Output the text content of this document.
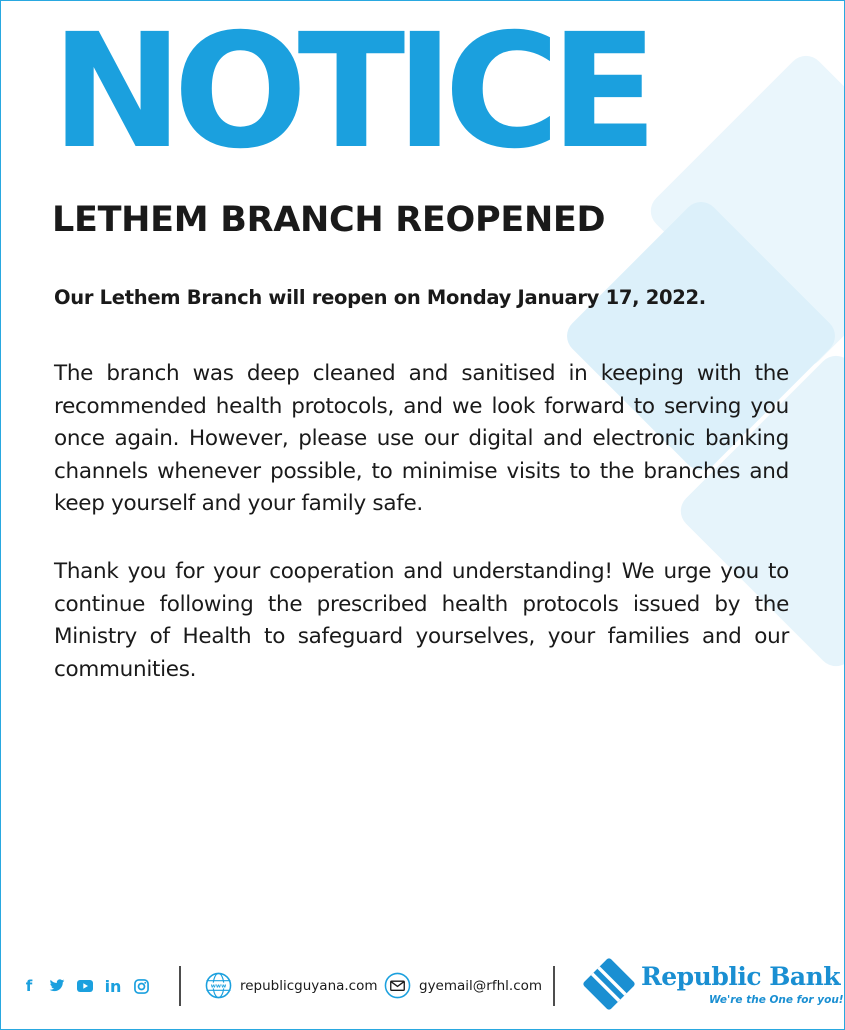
NOTICE
LETHEM BRANCH REOPENED

Our Lethem Branch will reopen on Monday January 17, 2022.

The branch was deep cleaned and sanitised in keeping with the recommended health protocols, and we look forward to serving you once again. However, please use our digital and electronic banking channels whenever possible, to minimise visits to the branches and keep yourself and your family safe.

Thank you for your cooperation and understanding! We urge you to continue following the prescribed health protocols issued by the Ministry of Health to safeguard yourselves, your families and our communities.

f	in	www republicguyana.com	gyemail@rfhl.com	Republic Bank

We're the One for you!
